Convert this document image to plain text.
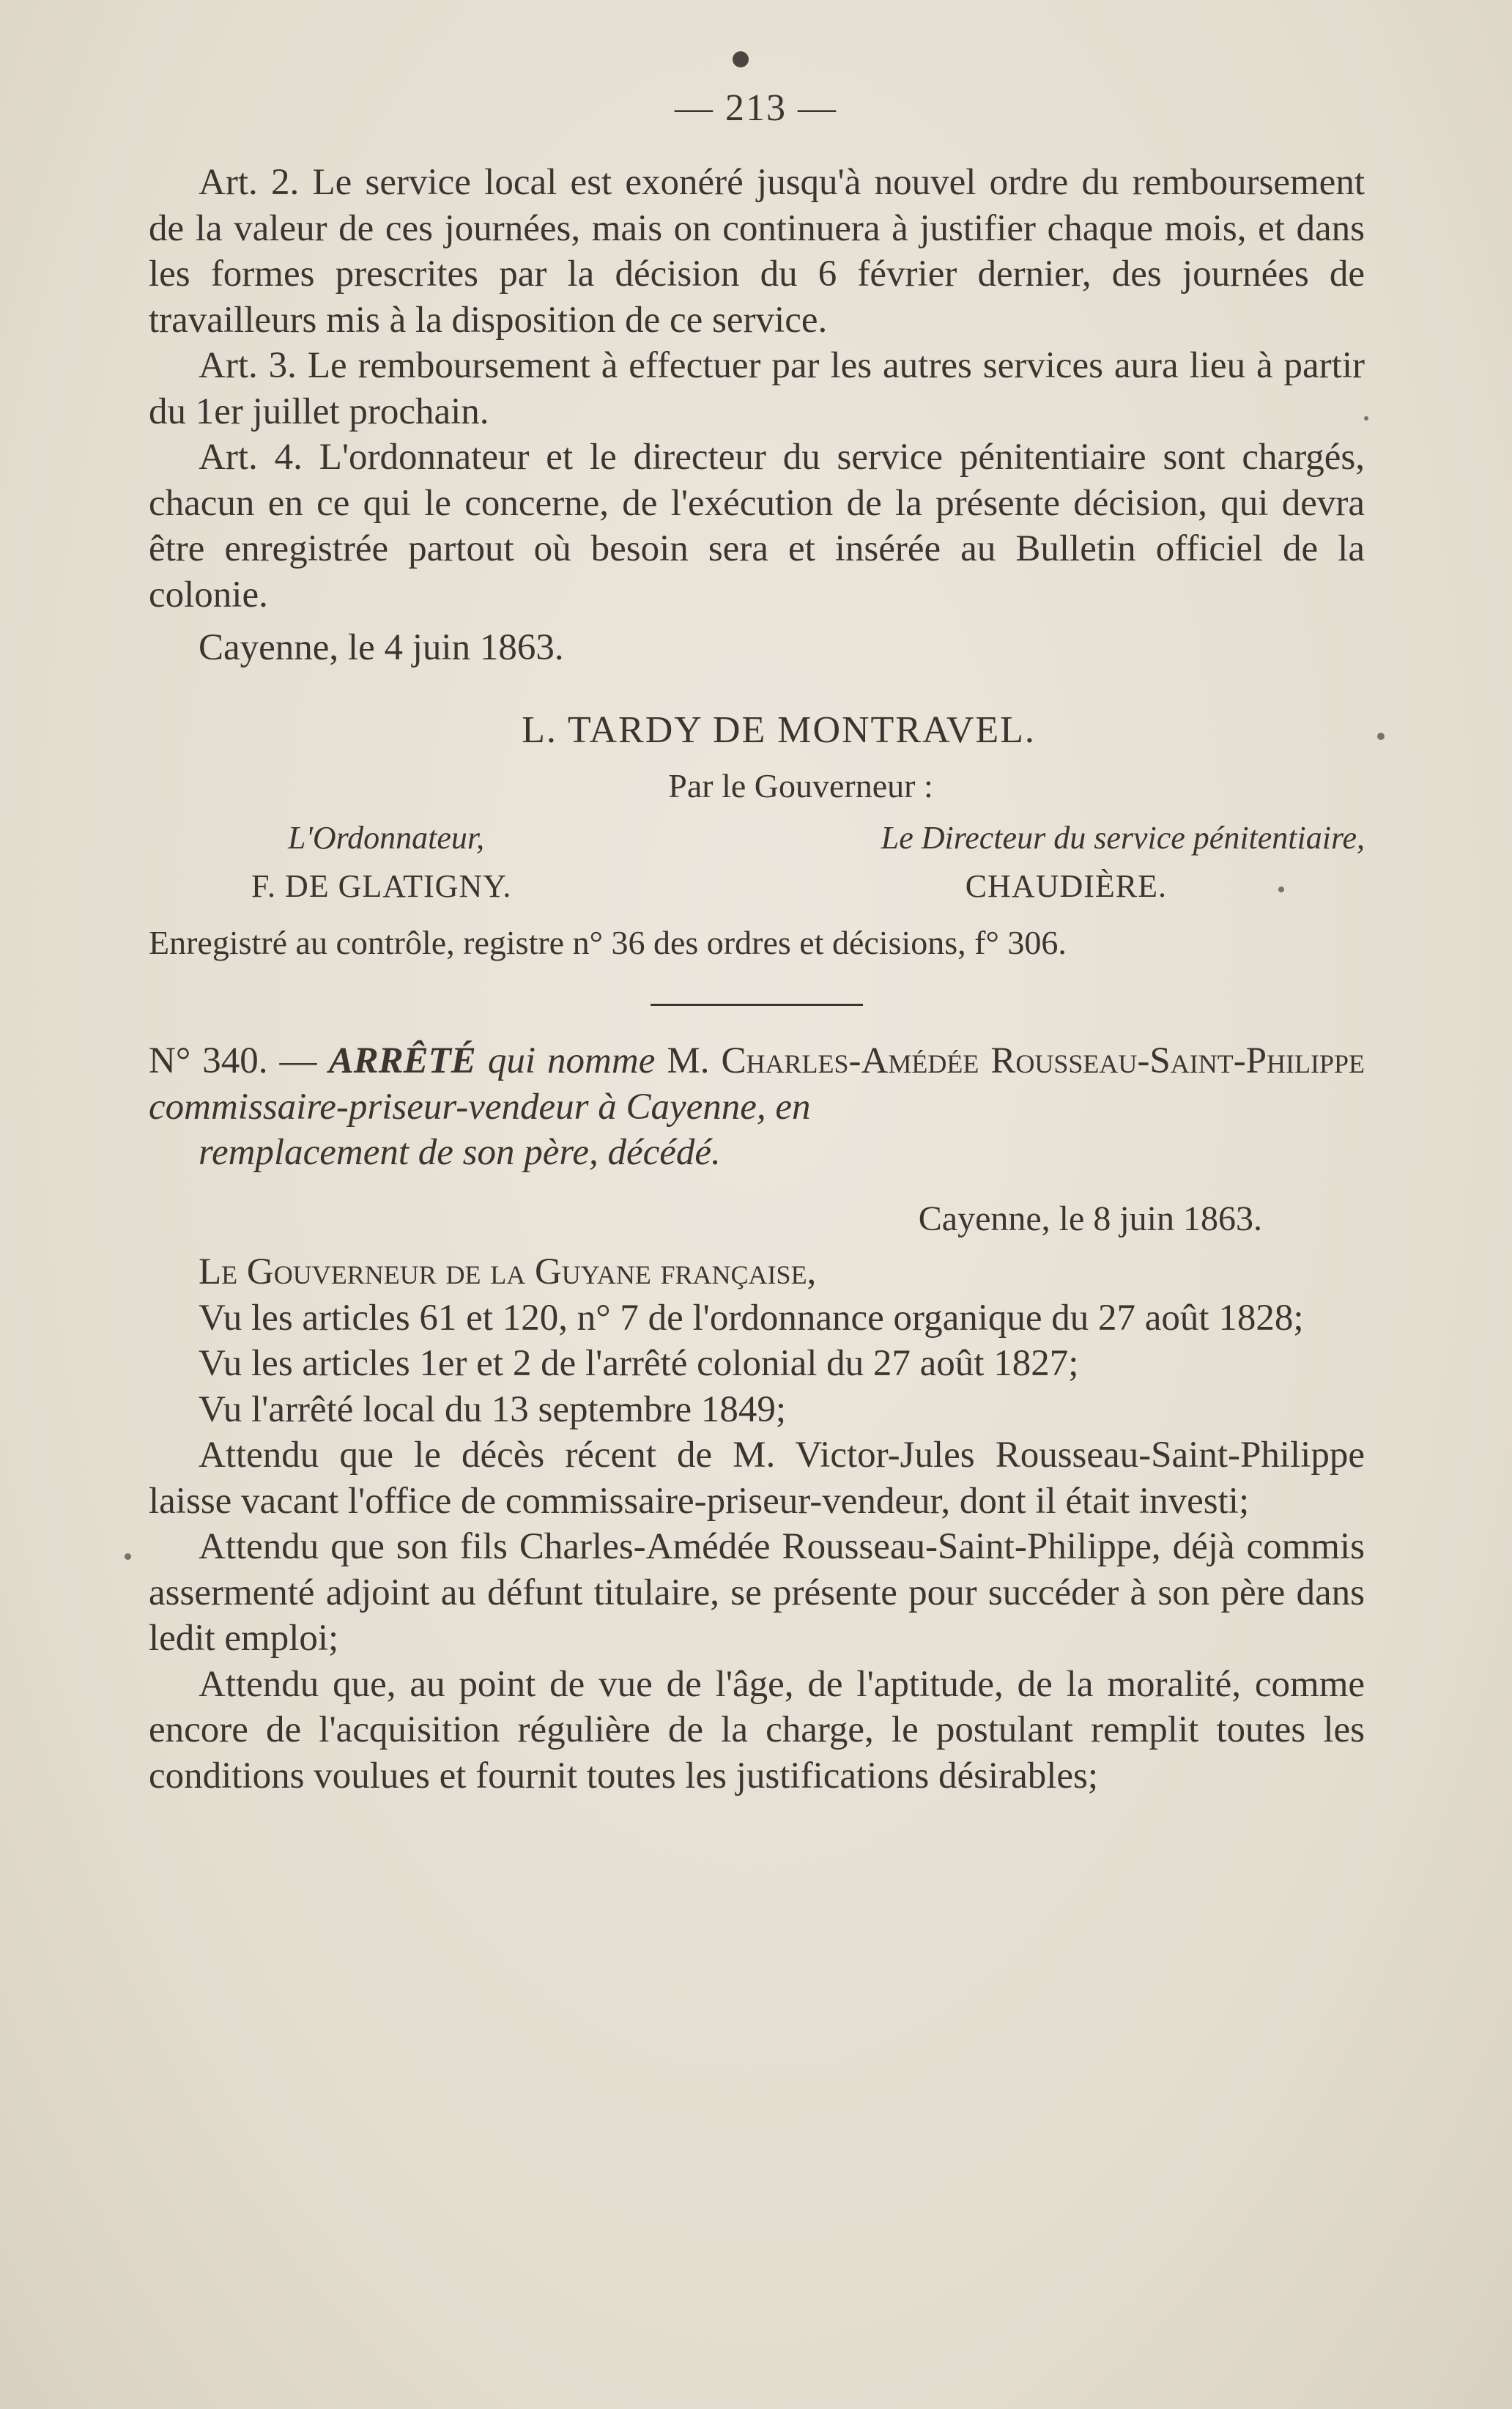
— 213 —

Art. 2. Le service local est exonéré jusqu'à nouvel ordre du remboursement de la valeur de ces journées, mais on continuera à justifier chaque mois, et dans les formes prescrites par la décision du 6 février dernier, des journées de travailleurs mis à la disposition de ce service.

Art. 3. Le remboursement à effectuer par les autres services aura lieu à partir du 1er juillet prochain.

Art. 4. L'ordonnateur et le directeur du service pénitentiaire sont chargés, chacun en ce qui le concerne, de l'exécution de la présente décision, qui devra être enregistrée partout où besoin sera et insérée au Bulletin officiel de la colonie.

Cayenne, le 4 juin 1863.

L. TARDY DE MONTRAVEL.

Par le Gouverneur :

L'Ordonnateur,	Le Directeur du service pénitentiaire,
F. DE GLATIGNY.	CHAUDIÈRE.

Enregistré au contrôle, registre n° 36 des ordres et décisions, f° 306.

N° 340. — ARRÊTÉ qui nomme M. Charles-Amédée Rousseau-Saint-Philippe commissaire-priseur-vendeur à Cayenne, en
remplacement de son père, décédé.

Cayenne, le 8 juin 1863.

Le Gouverneur de la Guyane française,

Vu les articles 61 et 120, n° 7 de l'ordonnance organique du 27 août 1828;

Vu les articles 1er et 2 de l'arrêté colonial du 27 août 1827;

Vu l'arrêté local du 13 septembre 1849;

Attendu que le décès récent de M. Victor-Jules Rousseau-Saint-Philippe laisse vacant l'office de commissaire-priseur-vendeur, dont il était investi;

Attendu que son fils Charles-Amédée Rousseau-Saint-Philippe, déjà commis assermenté adjoint au défunt titulaire, se présente pour succéder à son père dans ledit emploi;

Attendu que, au point de vue de l'âge, de l'aptitude, de la moralité, comme encore de l'acquisition régulière de la charge, le postulant remplit toutes les conditions voulues et fournit toutes les justifications désirables;
